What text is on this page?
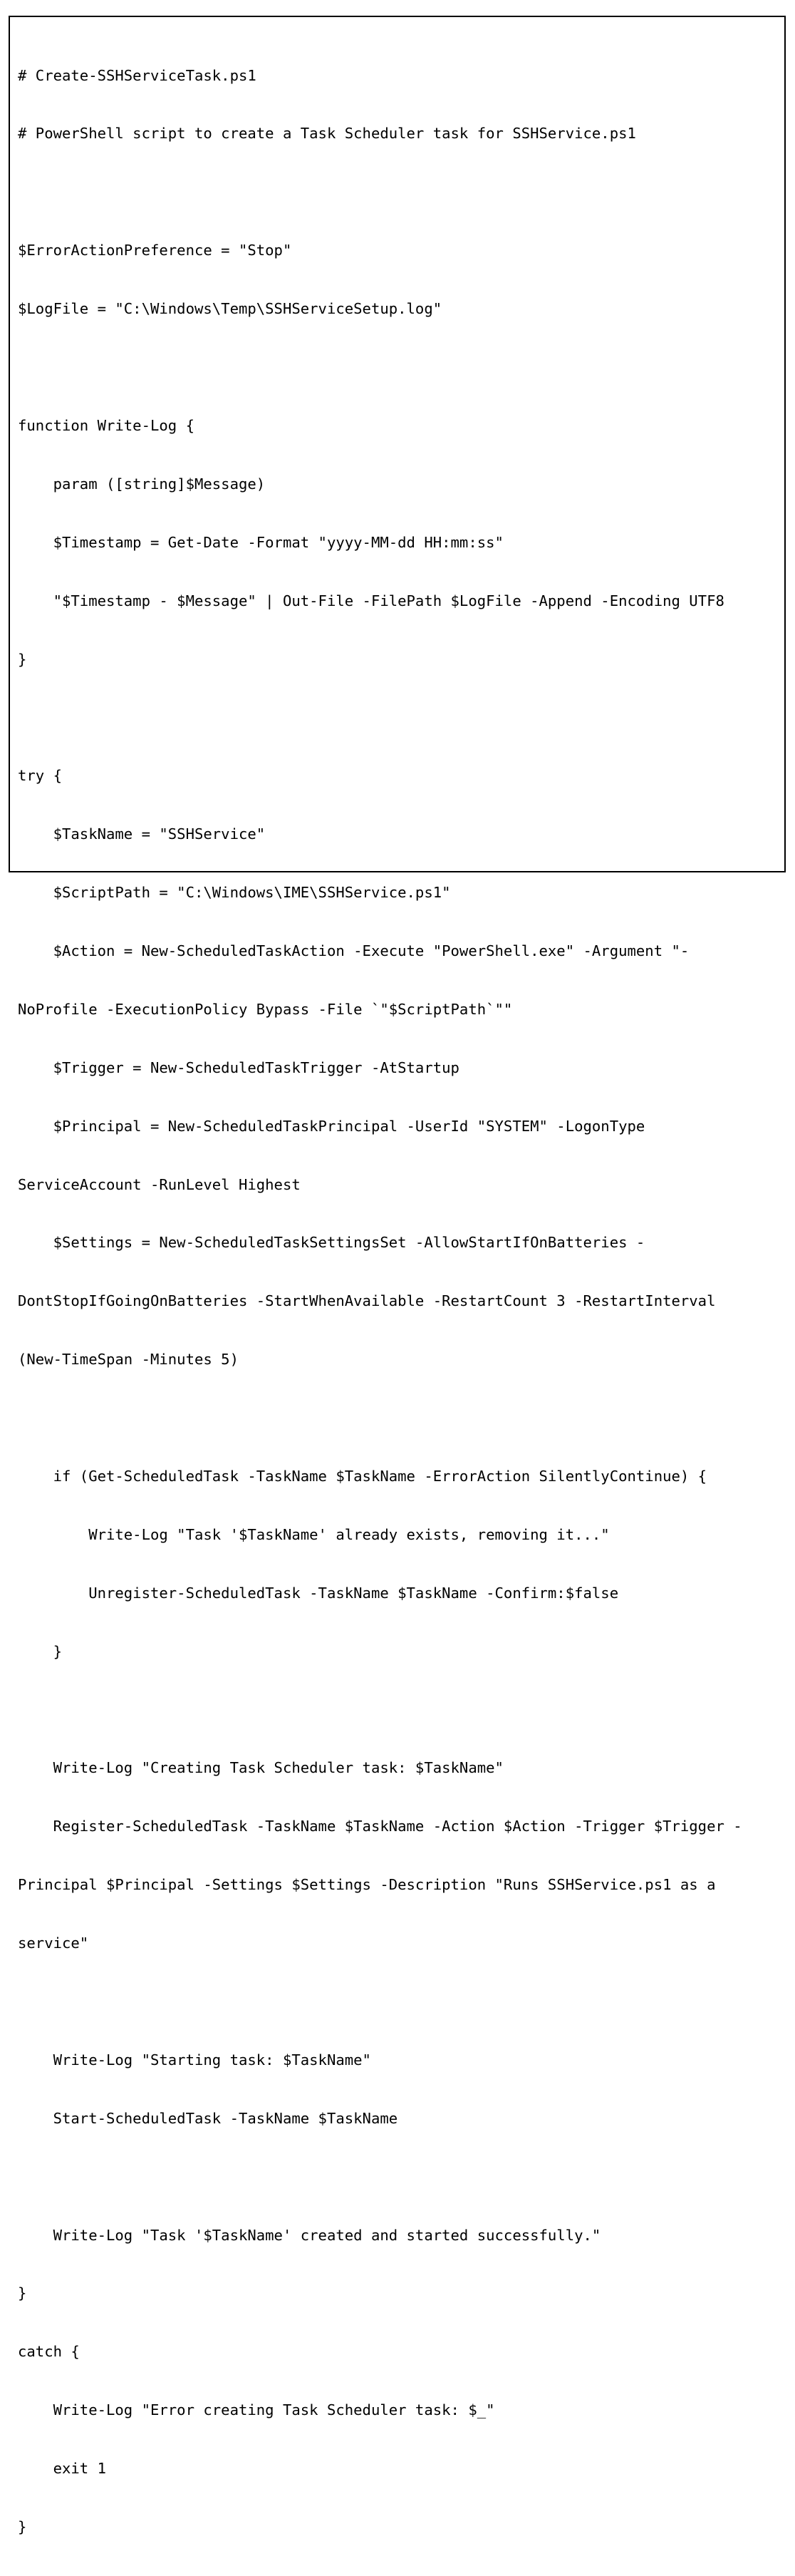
# Create-SSHServiceTask.ps1

# PowerShell script to create a Task Scheduler task for SSHService.ps1

$ErrorActionPreference = "Stop"

$LogFile = "C:\Windows\Temp\SSHServiceSetup.log"

function Write-Log {

param ([string]$Message)

$Timestamp = Get-Date -Format "yyyy-MM-dd HH:mm:ss"

"$Timestamp - $Message" | Out-File -FilePath $LogFile -Append -Encoding UTF8

}

try {

$TaskName = "SSHService"

$ScriptPath = "C:\Windows\IME\SSHService.ps1"

$Action = New-ScheduledTaskAction -Execute "PowerShell.exe" -Argument "-

NoProfile -ExecutionPolicy Bypass -File `"$ScriptPath`""

$Trigger = New-ScheduledTaskTrigger -AtStartup

$Principal = New-ScheduledTaskPrincipal -UserId "SYSTEM" -LogonType

ServiceAccount -RunLevel Highest

$Settings = New-ScheduledTaskSettingsSet -AllowStartIfOnBatteries -

DontStopIfGoingOnBatteries -StartWhenAvailable -RestartCount 3 -RestartInterval

(New-TimeSpan -Minutes 5)

if (Get-ScheduledTask -TaskName $TaskName -ErrorAction SilentlyContinue) {

Write-Log "Task '$TaskName' already exists, removing it..."

Unregister-ScheduledTask -TaskName $TaskName -Confirm:$false

}

Write-Log "Creating Task Scheduler task: $TaskName"

Register-ScheduledTask -TaskName $TaskName -Action $Action -Trigger $Trigger -

Principal $Principal -Settings $Settings -Description "Runs SSHService.ps1 as a

service"

Write-Log "Starting task: $TaskName"

Start-ScheduledTask -TaskName $TaskName

Write-Log "Task '$TaskName' created and started successfully."

}

catch {

Write-Log "Error creating Task Scheduler task: $_"

exit 1

}
